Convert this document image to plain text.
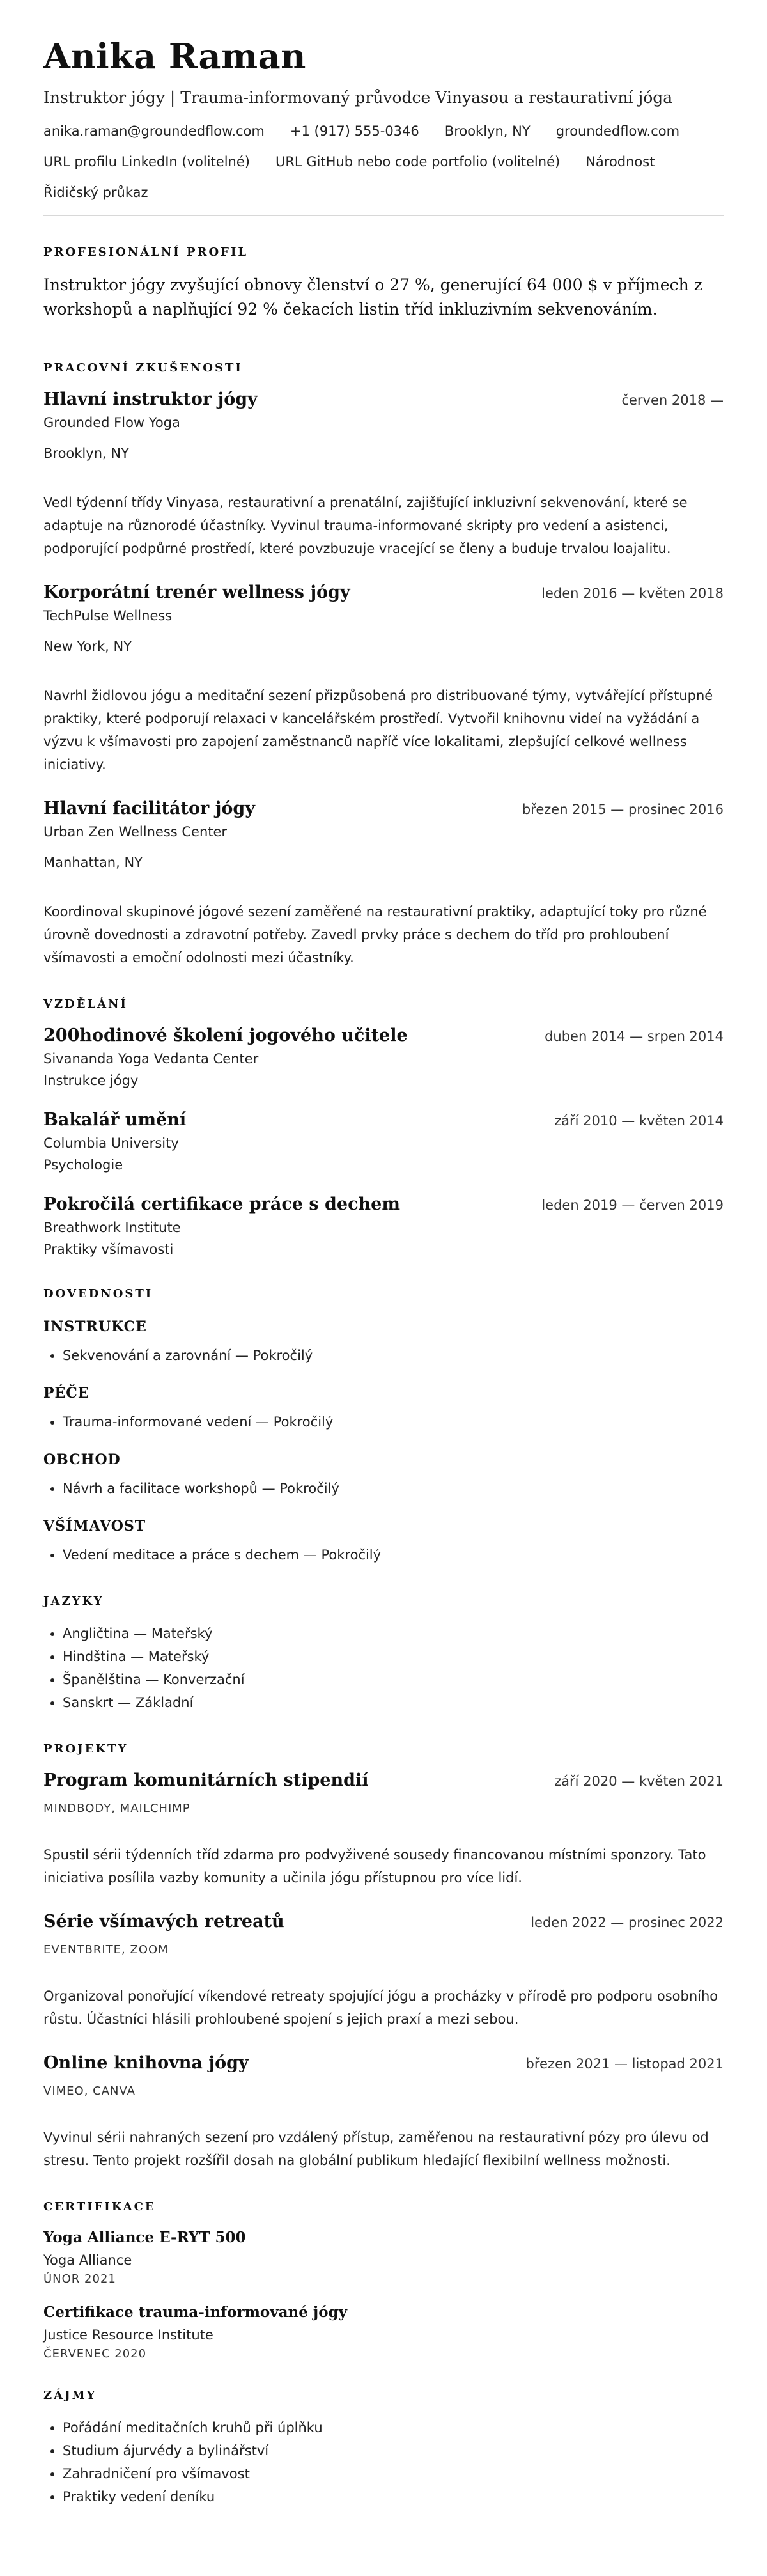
Anika Raman
Instruktor jógy | Trauma-informovaný průvodce Vinyasou a restaurativní jóga
anika.raman@groundedflow.com +1 (917) 555-0346 Brooklyn, NY groundedflow.com
URL profilu LinkedIn (volitelné) URL GitHub nebo code portfolio (volitelné) Národnost
Řidičský průkaz
PROFESIONÁLNÍ PROFIL

Instruktor jógy zvyšující obnovy členství o 27 %, generující 64 000 $ v příjmech z workshopů a naplňující 92 % čekacích listin tříd inkluzivním sekvenováním.

PRACOVNÍ ZKUŠENOSTI
Hlavní instruktor jógy	červen 2018 —
Grounded Flow Yoga
Brooklyn, NY
Vedl týdenní třídy Vinyasa, restaurativní a prenatální, zajišťující inkluzivní sekvenování, které se adaptuje na různorodé účastníky. Vyvinul trauma-informované skripty pro vedení a asistenci, podporující podpůrné prostředí, které povzbuzuje vracející se členy a buduje trvalou loajalitu.
Korporátní trenér wellness jógy	leden 2016 — květen 2018
TechPulse Wellness
New York, NY
Navrhl židlovou jógu a meditační sezení přizpůsobená pro distribuované týmy, vytvářející přístupné praktiky, které podporují relaxaci v kancelářském prostředí. Vytvořil knihovnu videí na vyžádání a výzvu k všímavosti pro zapojení zaměstnanců napříč více lokalitami, zlepšující celkové wellness iniciativy.
Hlavní facilitátor jógy	březen 2015 — prosinec 2016
Urban Zen Wellness Center
Manhattan, NY
Koordinoval skupinové jógové sezení zaměřené na restaurativní praktiky, adaptující toky pro různé úrovně dovednosti a zdravotní potřeby. Zavedl prvky práce s dechem do tříd pro prohloubení všímavosti a emoční odolnosti mezi účastníky.
VZDĚLÁNÍ
200hodinové školení jogového učitele	duben 2014 — srpen 2014
Sivananda Yoga Vedanta Center
Instrukce jógy
Bakalář umění	září 2010 — květen 2014
Columbia University
Psychologie
Pokročilá certifikace práce s dechem	leden 2019 — červen 2019
Breathwork Institute
Praktiky všímavosti
DOVEDNOSTI
INSTRUKCE
• Sekvenování a zarovnání — Pokročilý
PÉČE
• Trauma-informované vedení — Pokročilý
OBCHOD
• Návrh a facilitace workshopů — Pokročilý
VŠÍMAVOST
• Vedení meditace a práce s dechem — Pokročilý
JAZYKY
• Angličtina — Mateřský
• Hindština — Mateřský
• Španělština — Konverzační
• Sanskrt — Základní
PROJEKTY
Program komunitárních stipendií	září 2020 — květen 2021
MINDBODY, MAILCHIMP
Spustil sérii týdenních tříd zdarma pro podvyživené sousedy financovanou místními sponzory. Tato iniciativa posílila vazby komunity a učinila jógu přístupnou pro více lidí.
Série všímavých retreatů	leden 2022 — prosinec 2022
EVENTBRITE, ZOOM
Organizoval ponořující víkendové retreaty spojující jógu a procházky v přírodě pro podporu osobního růstu. Účastníci hlásili prohloubené spojení s jejich praxí a mezi sebou.
Online knihovna jógy	březen 2021 — listopad 2021
VIMEO, CANVA
Vyvinul sérii nahraných sezení pro vzdálený přístup, zaměřenou na restaurativní pózy pro úlevu od stresu. Tento projekt rozšířil dosah na globální publikum hledající flexibilní wellness možnosti.
CERTIFIKACE
Yoga Alliance E-RYT 500
Yoga Alliance
ÚNOR 2021
Certifikace trauma-informované jógy
Justice Resource Institute
ČERVENEC 2020
ZÁJMY
• Pořádání meditačních kruhů při úplňku
• Studium ájurvédy a bylinářství
• Zahradničení pro všímavost
• Praktiky vedení deníku
